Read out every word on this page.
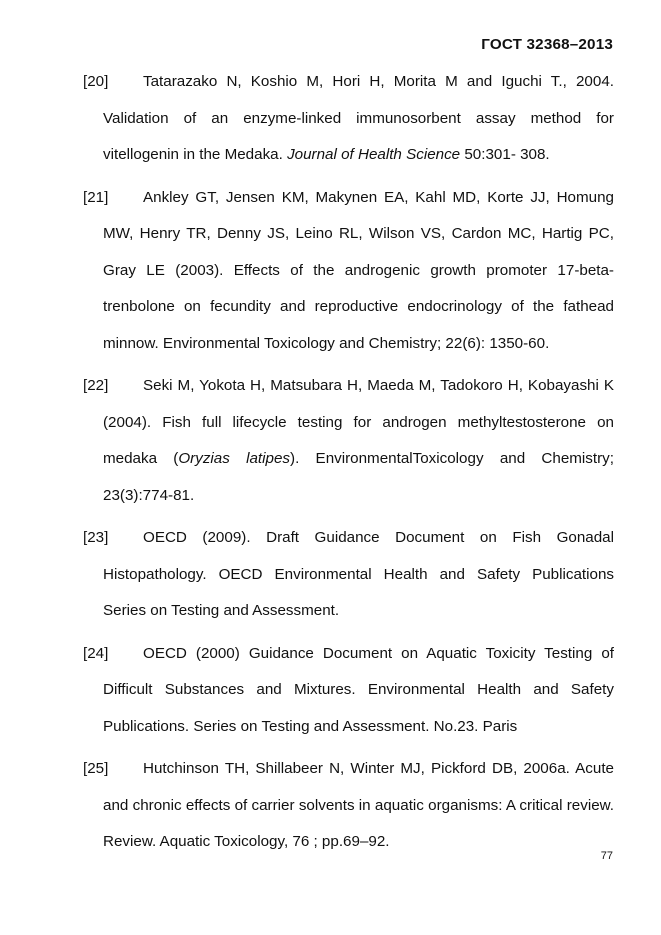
ГОСТ 32368–2013
[20]	Tatarazako N, Koshio M, Hori H, Morita M and Iguchi T., 2004. Validation of an enzyme-linked immunosorbent assay method for vitellogenin in the Medaka. Journal of Health Science 50:301- 308.
[21]	Ankley GT, Jensen KM, Makynen EA, Kahl MD, Korte JJ, Homung MW, Henry TR, Denny JS, Leino RL, Wilson VS, Cardon MC, Hartig PC, Gray LE (2003). Effects of the androgenic growth promoter 17-beta-trenbolone on fecundity and reproductive endocrinology of the fathead minnow. Environmental Toxicology and Chemistry; 22(6): 1350-60.
[22]	Seki M, Yokota H, Matsubara H, Maeda M, Tadokoro H, Kobayashi K (2004). Fish full lifecycle testing for androgen methyltestosterone on medaka (Oryzias latipes). EnvironmentalToxicology and Chemistry; 23(3):774-81.
[23]	OECD (2009). Draft Guidance Document on Fish Gonadal Histopathology. OECD Environmental Health and Safety Publications Series on Testing and Assessment.
[24]	OECD (2000) Guidance Document on Aquatic Toxicity Testing of Difficult Substances and Mixtures. Environmental Health and Safety Publications. Series on Testing and Assessment. No.23. Paris
[25]	Hutchinson TH, Shillabeer N, Winter MJ, Pickford DB, 2006a. Acute and chronic effects of carrier solvents in aquatic organisms: A critical review. Review. Aquatic Toxicology, 76 ; pp.69–92.
77
